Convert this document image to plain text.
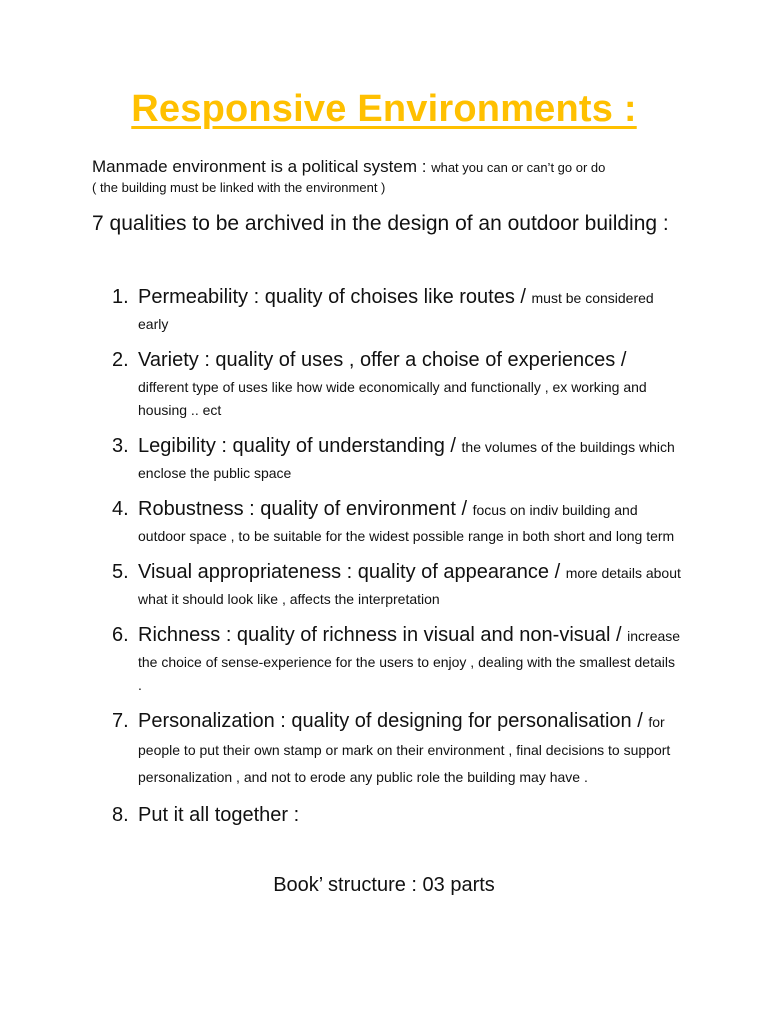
Responsive Environments :
Manmade environment is a political system : what you can or can’t go or do
( the building must be linked with the environment )
7 qualities to be archived in the design of an outdoor building :
1. Permeability : quality of choises like routes / must be considered early
2. Variety : quality of uses , offer a choise of experiences / different type of uses like how wide economically and functionally , ex working and housing .. ect
3. Legibility : quality of understanding / the volumes of the buildings which enclose the public space
4. Robustness : quality of environment / focus on indiv building and outdoor space , to be suitable for the widest possible range in both short and long term
5. Visual appropriateness : quality of appearance / more details about what it should look like , affects the interpretation
6. Richness : quality of richness in visual and non-visual / increase the choice of sense-experience for the users to enjoy , dealing with the smallest details .
7. Personalization : quality of designing for personalisation / for people to put their own stamp or mark on their environment , final decisions to support personalization , and not to erode any public role the building may have .
8. Put it all together :
Book’ structure : 03 parts
